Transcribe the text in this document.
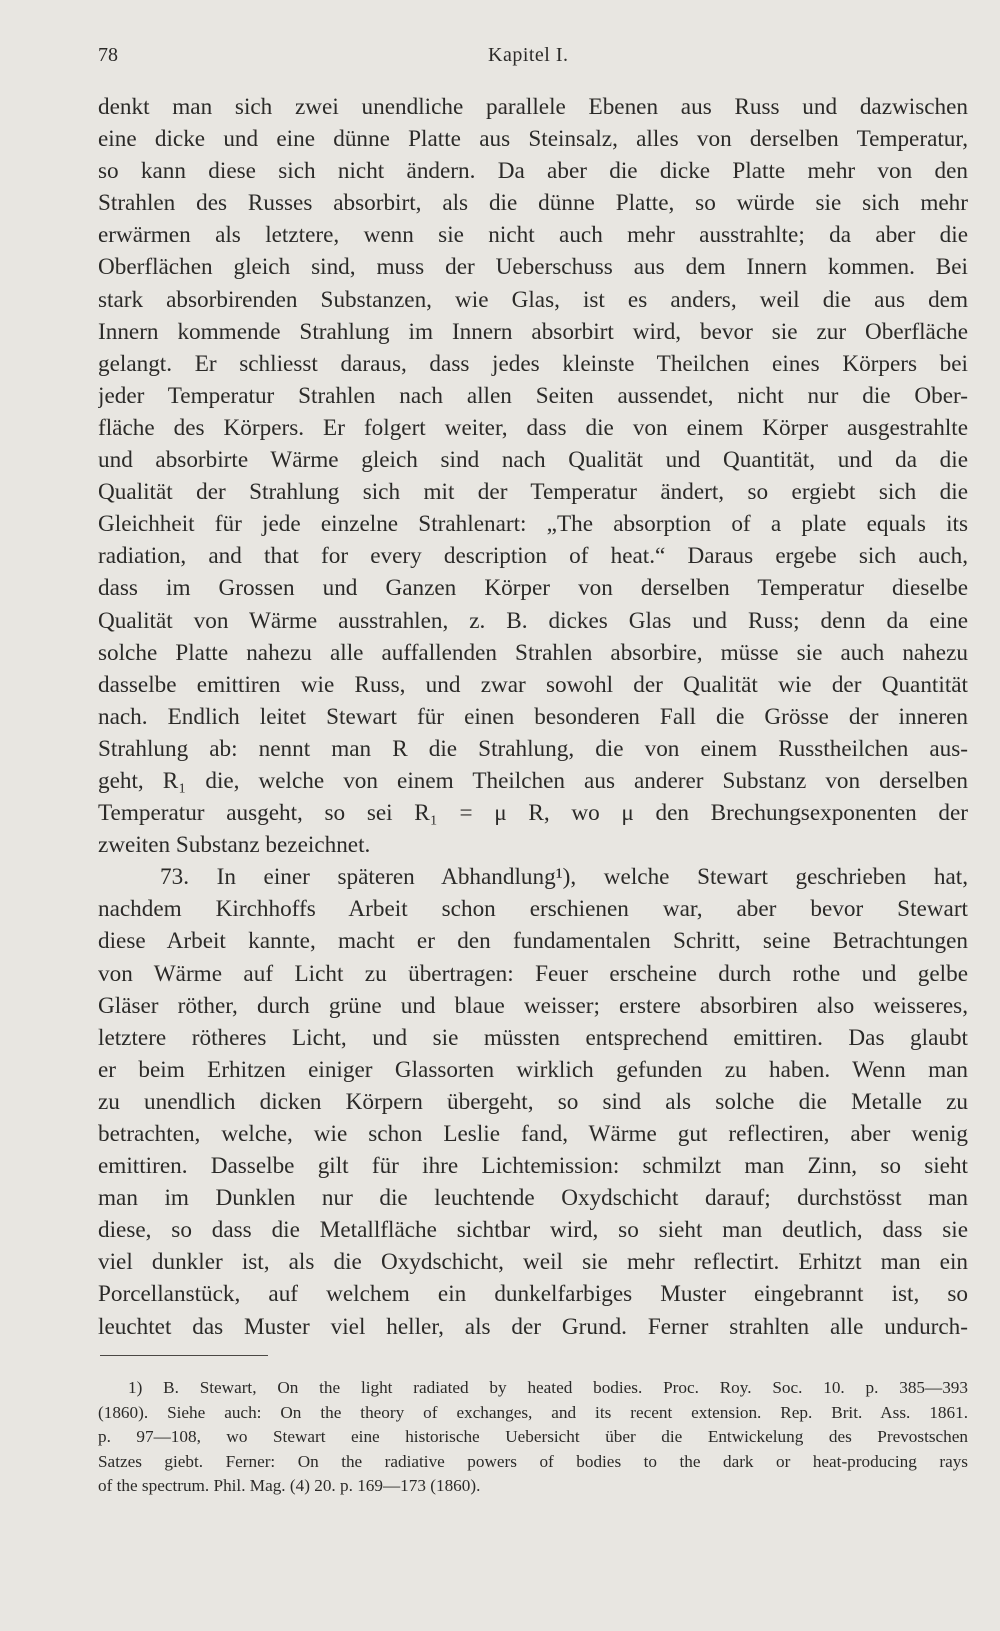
78	Kapitel I.
denkt man sich zwei unendliche parallele Ebenen aus Russ und dazwischen
eine dicke und eine dünne Platte aus Steinsalz, alles von derselben Temperatur,
so kann diese sich nicht ändern. Da aber die dicke Platte mehr von den
Strahlen des Russes absorbirt, als die dünne Platte, so würde sie sich mehr
erwärmen als letztere, wenn sie nicht auch mehr ausstrahlte; da aber die
Oberflächen gleich sind, muss der Ueberschuss aus dem Innern kommen. Bei
stark absorbirenden Substanzen, wie Glas, ist es anders, weil die aus dem
Innern kommende Strahlung im Innern absorbirt wird, bevor sie zur Oberfläche
gelangt. Er schliesst daraus, dass jedes kleinste Theilchen eines Körpers bei
jeder Temperatur Strahlen nach allen Seiten aussendet, nicht nur die Ober-
fläche des Körpers. Er folgert weiter, dass die von einem Körper ausgestrahlte
und absorbirte Wärme gleich sind nach Qualität und Quantität, und da die
Qualität der Strahlung sich mit der Temperatur ändert, so ergiebt sich die
Gleichheit für jede einzelne Strahlenart: „The absorption of a plate equals its
radiation, and that for every description of heat.“ Daraus ergebe sich auch,
dass im Grossen und Ganzen Körper von derselben Temperatur dieselbe
Qualität von Wärme ausstrahlen, z. B. dickes Glas und Russ; denn da eine
solche Platte nahezu alle auffallenden Strahlen absorbire, müsse sie auch nahezu
dasselbe emittiren wie Russ, und zwar sowohl der Qualität wie der Quantität
nach. Endlich leitet Stewart für einen besonderen Fall die Grösse der inneren
Strahlung ab: nennt man R die Strahlung, die von einem Russtheilchen aus-
geht, R₁ die, welche von einem Theilchen aus anderer Substanz von derselben
Temperatur ausgeht, so sei R₁ = μ R, wo μ den Brechungsexponenten der
zweiten Substanz bezeichnet.
73. In einer späteren Abhandlung¹), welche Stewart geschrieben hat,
nachdem Kirchhoffs Arbeit schon erschienen war, aber bevor Stewart
diese Arbeit kannte, macht er den fundamentalen Schritt, seine Betrachtungen
von Wärme auf Licht zu übertragen: Feuer erscheine durch rothe und gelbe
Gläser röther, durch grüne und blaue weisser; erstere absorbiren also weisseres,
letztere rötheres Licht, und sie müssten entsprechend emittiren. Das glaubt
er beim Erhitzen einiger Glassorten wirklich gefunden zu haben. Wenn man
zu unendlich dicken Körpern übergeht, so sind als solche die Metalle zu
betrachten, welche, wie schon Leslie fand, Wärme gut reflectiren, aber wenig
emittiren. Dasselbe gilt für ihre Lichtemission: schmilzt man Zinn, so sieht
man im Dunklen nur die leuchtende Oxydschicht darauf; durchstösst man
diese, so dass die Metallfläche sichtbar wird, so sieht man deutlich, dass sie
viel dunkler ist, als die Oxydschicht, weil sie mehr reflectirt. Erhitzt man ein
Porcellanstück, auf welchem ein dunkelfarbiges Muster eingebrannt ist, so
leuchtet das Muster viel heller, als der Grund. Ferner strahlten alle undurch-
1) B. Stewart, On the light radiated by heated bodies. Proc. Roy. Soc. 10. p. 385—393
(1860). Siehe auch: On the theory of exchanges, and its recent extension. Rep. Brit. Ass. 1861.
p. 97—108, wo Stewart eine historische Uebersicht über die Entwickelung des Prevostschen
Satzes giebt. Ferner: On the radiative powers of bodies to the dark or heat-producing rays
of the spectrum. Phil. Mag. (4) 20. p. 169—173 (1860).
